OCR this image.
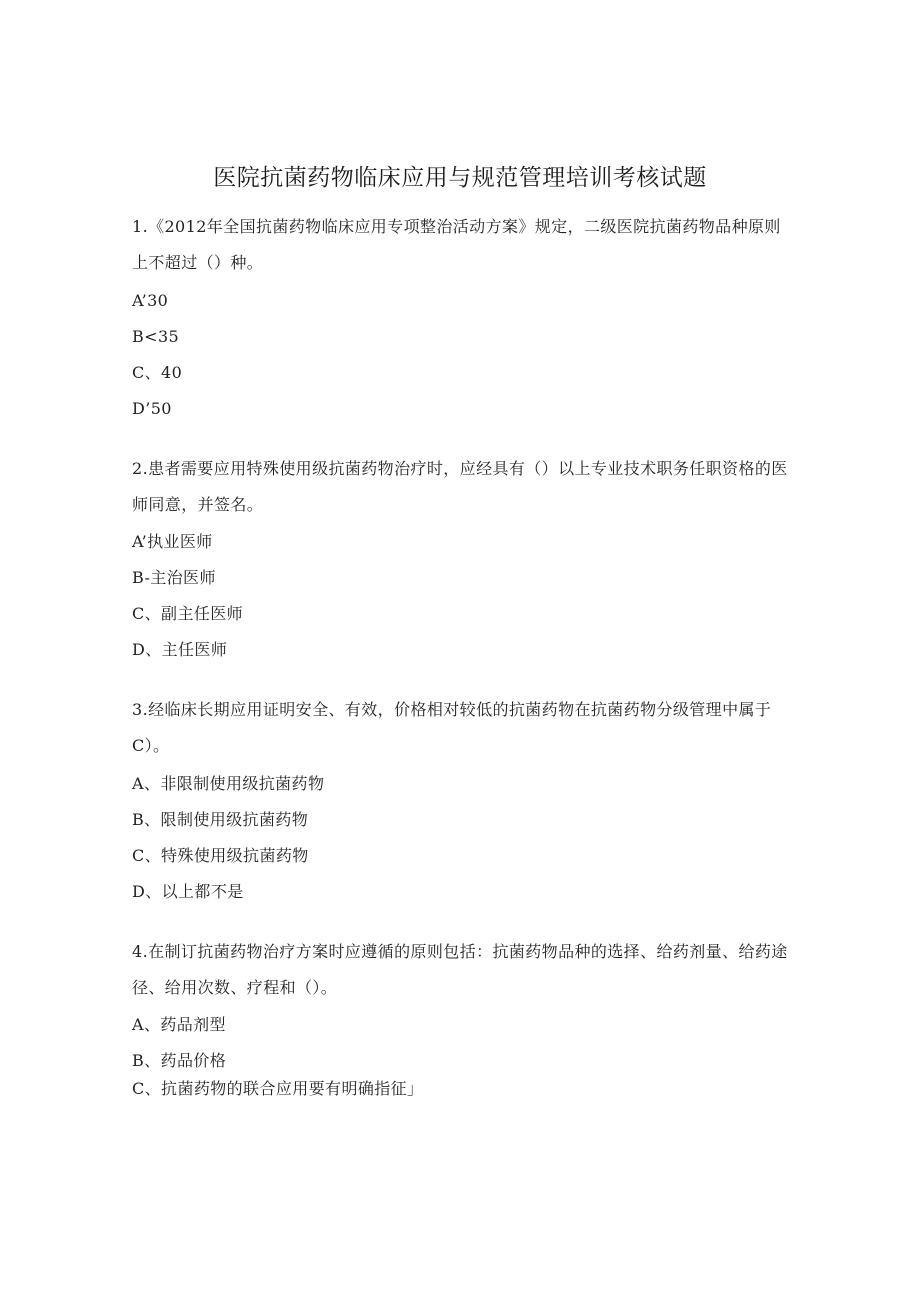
医院抗菌药物临床应用与规范管理培训考核试题
1.《2012年全国抗菌药物临床应用专项整治活动方案》规定，二级医院抗菌药物品种原则上不超过（）种。
A’30
B<35
C、40
D’50
2.患者需要应用特殊使用级抗菌药物治疗时，应经具有（）以上专业技术职务任职资格的医师同意，并签名。
A’执业医师
B-主治医师
C、副主任医师
D、主任医师
3.经临床长期应用证明安全、有效，价格相对较低的抗菌药物在抗菌药物分级管理中属于C）。
A、非限制使用级抗菌药物
B、限制使用级抗菌药物
C、特殊使用级抗菌药物
D、以上都不是
4.在制订抗菌药物治疗方案时应遵循的原则包括：抗菌药物品种的选择、给药剂量、给药途径、给用次数、疗程和（）。
A、药品剂型
B、药品价格
C、抗菌药物的联合应用要有明确指征」
